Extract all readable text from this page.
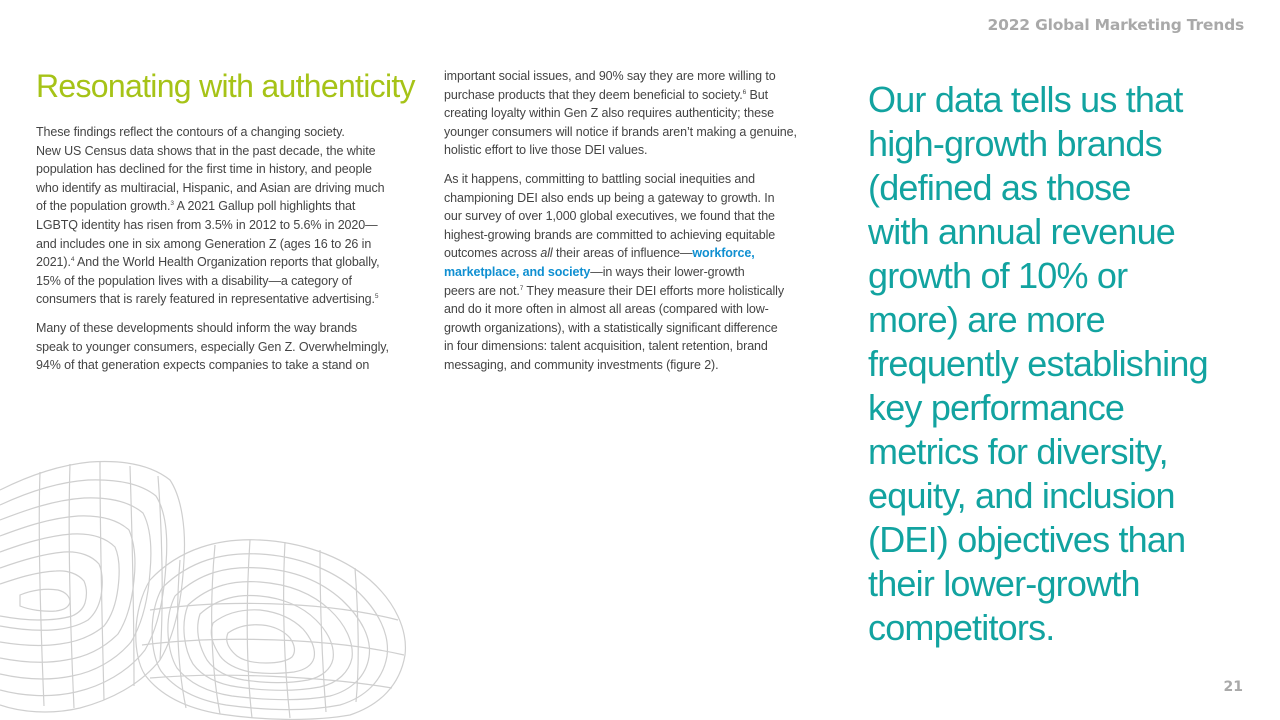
2022 Global Marketing Trends
Resonating with authenticity

These findings reflect the contours of a changing society.
New US Census data shows that in the past decade, the white
population has declined for the first time in history, and people
who identify as multiracial, Hispanic, and Asian are driving much
of the population growth.$^3$ A 2021 Gallup poll highlights that
LGBTQ identity has risen from 3.5% in 2012 to 5.6% in 2020—
and includes one in six among Generation Z (ages 16 to 26 in
2021).$^4$ And the World Health Organization reports that globally,
15% of the population lives with a disability—a category of
consumers that is rarely featured in representative advertising.$^5$

Many of these developments should inform the way brands
speak to younger consumers, especially Gen Z. Overwhelmingly,
94% of that generation expects companies to take a stand on

important social issues, and 90% say they are more willing to
purchase products that they deem beneficial to society.$^6$ But
creating loyalty within Gen Z also requires authenticity; these
younger consumers will notice if brands aren’t making a genuine,
holistic effort to live those DEI values.

As it happens, committing to battling social inequities and
championing DEI also ends up being a gateway to growth. In
our survey of over 1,000 global executives, we found that the
highest-growing brands are committed to achieving equitable
outcomes across all their areas of influence—workforce,
marketplace, and society—in ways their lower-growth
peers are not.$^7$ They measure their DEI efforts more holistically
and do it more often in almost all areas (compared with low-
growth organizations), with a statistically significant difference
in four dimensions: talent acquisition, talent retention, brand
messaging, and community investments (figure 2).

Our data tells us that
high-growth brands
(defined as those
with annual revenue
growth of 10% or
more) are more
frequently establishing
key performance
metrics for diversity,
equity, and inclusion
(DEI) objectives than
their lower-growth
competitors.
21
